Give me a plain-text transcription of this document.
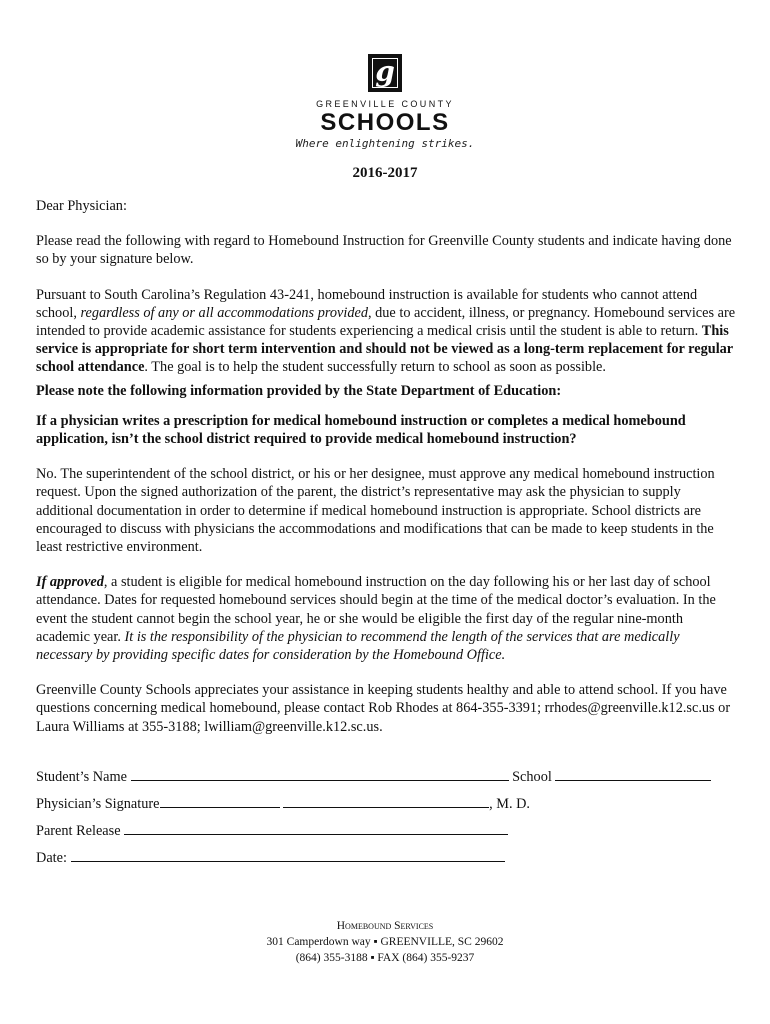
g
GREENVILLE COUNTY
SCHOOLS
Where enlightening strikes.
2016-2017

Dear Physician:

Please read the following with regard to Homebound Instruction for Greenville County students and indicate having done so by your signature below.

Pursuant to South Carolina’s Regulation 43-241, homebound instruction is available for students who cannot attend school, regardless of any or all accommodations provided, due to accident, illness, or pregnancy. Homebound services are intended to provide academic assistance for students experiencing a medical crisis until the student is able to return. This service is appropriate for short term intervention and should not be viewed as a long-term replacement for regular school attendance. The goal is to help the student successfully return to school as soon as possible.

Please note the following information provided by the State Department of Education:

If a physician writes a prescription for medical homebound instruction or completes a medical homebound application, isn’t the school district required to provide medical homebound instruction?

No. The superintendent of the school district, or his or her designee, must approve any medical homebound instruction request. Upon the signed authorization of the parent, the district’s representative may ask the physician to supply additional documentation in order to determine if medical homebound instruction is appropriate. School districts are encouraged to discuss with physicians the accommodations and modifications that can be made to keep students in the least restrictive environment.

If approved, a student is eligible for medical homebound instruction on the day following his or her last day of school attendance. Dates for requested homebound services should begin at the time of the medical doctor’s evaluation. In the event the student cannot begin the school year, he or she would be eligible the first day of the regular nine-month academic year. It is the responsibility of the physician to recommend the length of the services that are medically necessary by providing specific dates for consideration by the Homebound Office.

Greenville County Schools appreciates your assistance in keeping students healthy and able to attend school. If you have questions concerning medical homebound, please contact Rob Rhodes at 864-355-3391; rrhodes@greenville.k12.sc.us or Laura Williams at 355-3188; lwilliam@greenville.k12.sc.us.

Student’s Name	School
Physician’s Signature	, M. D.
Parent Release
Date:
Homebound Services
301 Camperdown way ▪ GREENVILLE, SC 29602
(864) 355-3188 ▪ FAX (864) 355-9237
